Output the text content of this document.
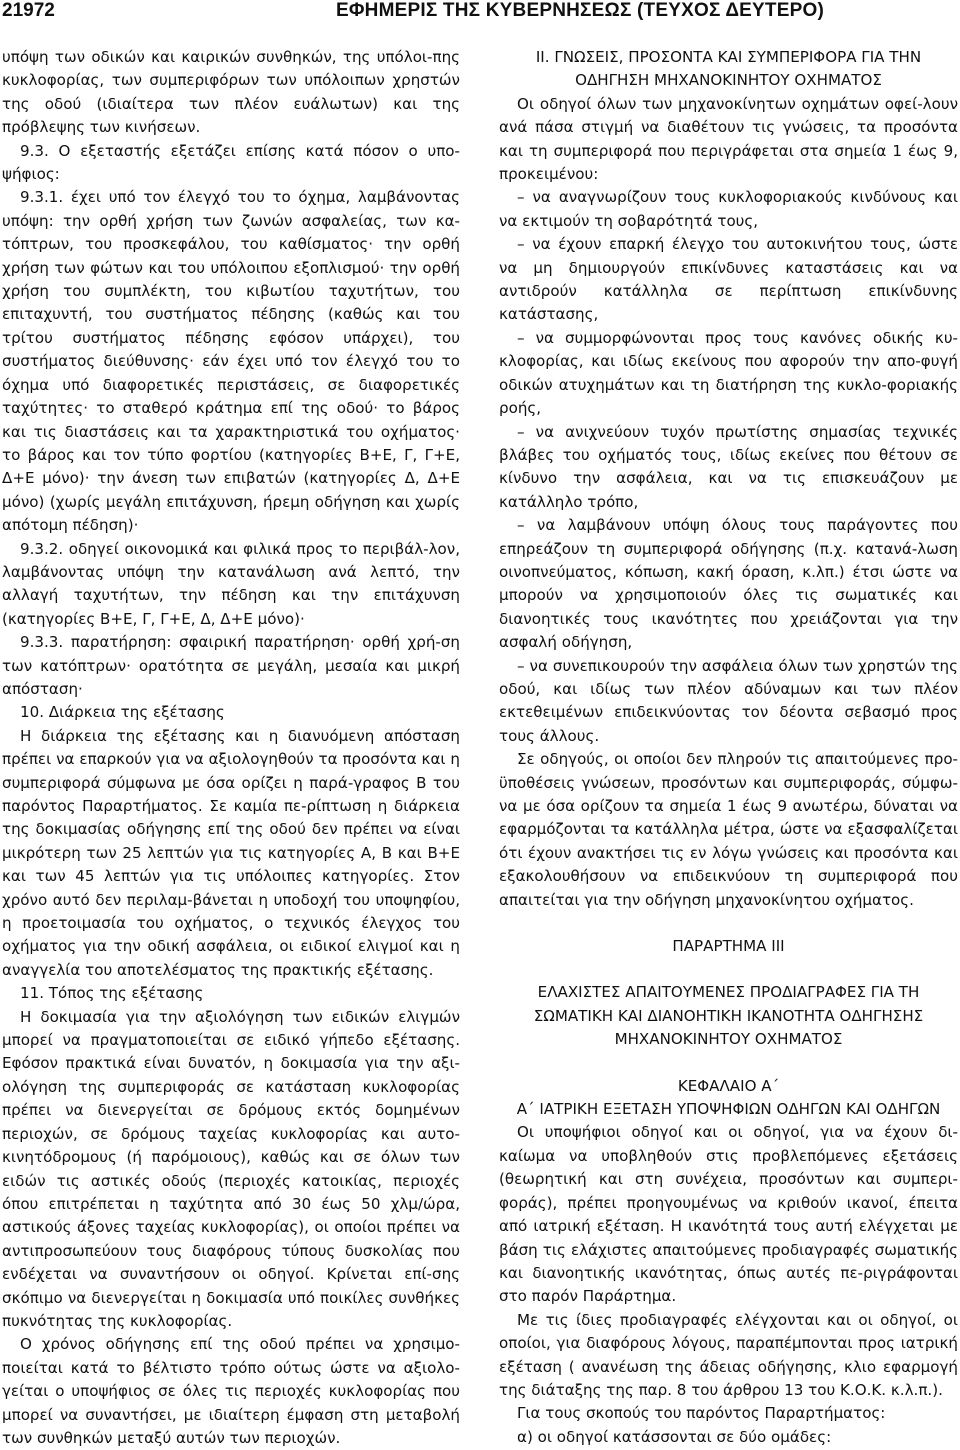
21972	ΕΦΗΜΕΡΙΣ ΤΗΣ ΚΥΒΕΡΝΗΣΕΩΣ (ΤΕΥΧΟΣ ΔΕΥΤΕΡΟ)

υπόψη των οδικών και καιρικών συνθηκών, της υπόλοι-πης κυκλοφορίας, των συμπεριφόρων των υπόλοιπων χρηστών της οδού (ιδιαίτερα των πλέον ευάλωτων) και της πρόβλεψης των κινήσεων.

9.3. Ο εξεταστής εξετάζει επίσης κατά πόσον ο υπο-ψήφιος:

9.3.1. έχει υπό τον έλεγχό του το όχημα, λαμβάνοντας υπόψη: την ορθή χρήση των ζωνών ασφαλείας, των κα-τόπτρων, του προσκεφάλου, του καθίσματος· την ορθή χρήση των φώτων και του υπόλοιπου εξοπλισμού· την ορθή χρήση του συμπλέκτη, του κιβωτίου ταχυτήτων, του επιταχυντή, του συστήματος πέδησης (καθώς και του τρίτου συστήματος πέδησης εφόσον υπάρχει), του συστήματος διεύθυνσης· εάν έχει υπό τον έλεγχό του το όχημα υπό διαφορετικές περιστάσεις, σε διαφορετικές ταχύτητες· το σταθερό κράτημα επί της οδού· το βάρος και τις διαστάσεις και τα χαρακτηριστικά του οχήματος· το βάρος και τον τύπο φορτίου (κατηγορίες Β+Ε, Γ, Γ+Ε, Δ+Ε μόνο)· την άνεση των επιβατών (κατηγορίες Δ, Δ+Ε μόνο) (χωρίς μεγάλη επιτάχυνση, ήρεμη οδήγηση και χωρίς απότομη πέδηση)·

9.3.2. οδηγεί οικονομικά και φιλικά προς το περιβάλ-λον, λαμβάνοντας υπόψη την κατανάλωση ανά λεπτό, την αλλαγή ταχυτήτων, την πέδηση και την επιτάχυνση (κατηγορίες Β+Ε, Γ, Γ+Ε, Δ, Δ+Ε μόνο)·

9.3.3. παρατήρηση: σφαιρική παρατήρηση· ορθή χρή-ση των κατόπτρων· ορατότητα σε μεγάλη, μεσαία και μικρή απόσταση·

10. Διάρκεια της εξέτασης

Η διάρκεια της εξέτασης και η διανυόμενη απόσταση πρέπει να επαρκούν για να αξιολογηθούν τα προσόντα και η συμπεριφορά σύμφωνα με όσα ορίζει η παρά-γραφος Β του παρόντος Παραρτήματος. Σε καμία πε-ρίπτωση η διάρκεια της δοκιμασίας οδήγησης επί της οδού δεν πρέπει να είναι μικρότερη των 25 λεπτών για τις κατηγορίες Α, Β και Β+Ε και των 45 λεπτών για τις υπόλοιπες κατηγορίες. Στον χρόνο αυτό δεν περιλαμ-βάνεται η υποδοχή του υποψηφίου, η προετοιμασία του οχήματος, ο τεχνικός έλεγχος του οχήματος για την οδική ασφάλεια, οι ειδικοί ελιγμοί και η αναγγελία του αποτελέσματος της πρακτικής εξέτασης.

11. Τόπος της εξέτασης

Η δοκιμασία για την αξιολόγηση των ειδικών ελιγμών μπορεί να πραγματοποιείται σε ειδικό γήπεδο εξέτασης. Εφόσον πρακτικά είναι δυνατόν, η δοκιμασία για την αξι-ολόγηση της συμπεριφοράς σε κατάσταση κυκλοφορίας πρέπει να διενεργείται σε δρόμους εκτός δομημένων περιοχών, σε δρόμους ταχείας κυκλοφορίας και αυτο-κινητόδρομους (ή παρόμοιους), καθώς και σε όλων των ειδών τις αστικές οδούς (περιοχές κατοικίας, περιοχές όπου επιτρέπεται η ταχύτητα από 30 έως 50 χλμ/ώρα, αστικούς άξονες ταχείας κυκλοφορίας), οι οποίοι πρέπει να αντιπροσωπεύουν τους διαφόρους τύπους δυσκολίας που ενδέχεται να συναντήσουν οι οδηγοί. Κρίνεται επί-σης σκόπιμο να διενεργείται η δοκιμασία υπό ποικίλες συνθήκες πυκνότητας της κυκλοφορίας.

Ο χρόνος οδήγησης επί της οδού πρέπει να χρησιμο-ποιείται κατά το βέλτιστο τρόπο ούτως ώστε να αξιολο-γείται ο υποψήφιος σε όλες τις περιοχές κυκλοφορίας που μπορεί να συναντήσει, με ιδιαίτερη έμφαση στη μεταβολή των συνθηκών μεταξύ αυτών των περιοχών.

ΙΙ. ΓΝΩΣΕΙΣ, ΠΡΟΣΟΝΤΑ ΚΑΙ ΣΥΜΠΕΡΙΦΟΡΑ ΓΙΑ ΤΗΝ ΟΔΗΓΗΣΗ ΜΗΧΑΝΟΚΙΝΗΤΟΥ ΟΧΗΜΑΤΟΣ

Οι οδηγοί όλων των μηχανοκίνητων οχημάτων οφεί-λουν ανά πάσα στιγμή να διαθέτουν τις γνώσεις, τα προσόντα και τη συμπεριφορά που περιγράφεται στα σημεία 1 έως 9, προκειμένου:

– να αναγνωρίζουν τους κυκλοφοριακούς κινδύνους και να εκτιμούν τη σοβαρότητά τους,

– να έχουν επαρκή έλεγχο του αυτοκινήτου τους, ώστε να μη δημιουργούν επικίνδυνες καταστάσεις και να αντιδρούν κατάλληλα σε περίπτωση επικίνδυνης κατάστασης,

– να συμμορφώνονται προς τους κανόνες οδικής κυ-κλοφορίας, και ιδίως εκείνους που αφορούν την απο-φυγή οδικών ατυχημάτων και τη διατήρηση της κυκλο-φοριακής ροής,

– να ανιχνεύουν τυχόν πρωτίστης σημασίας τεχνικές βλάβες του οχήματός τους, ιδίως εκείνες που θέτουν σε κίνδυνο την ασφάλεια, και να τις επισκευάζουν με κατάλληλο τρόπο,

– να λαμβάνουν υπόψη όλους τους παράγοντες που επηρεάζουν τη συμπεριφορά οδήγησης (π.χ. κατανά-λωση οινοπνεύματος, κόπωση, κακή όραση, κ.λπ.) έτσι ώστε να μπορούν να χρησιμοποιούν όλες τις σωματικές και διανοητικές τους ικανότητες που χρειάζονται για την ασφαλή οδήγηση,

– να συνεπικουρούν την ασφάλεια όλων των χρηστών της οδού, και ιδίως των πλέον αδύναμων και των πλέον εκτεθειμένων επιδεικνύοντας τον δέοντα σεβασμό προς τους άλλους.

Σε οδηγούς, οι οποίοι δεν πληρούν τις απαιτούμενες προ-ϋποθέσεις γνώσεων, προσόντων και συμπεριφοράς, σύμφω-να με όσα ορίζουν τα σημεία 1 έως 9 ανωτέρω, δύναται να εφαρμόζονται τα κατάλληλα μέτρα, ώστε να εξασφαλίζεται ότι έχουν ανακτήσει τις εν λόγω γνώσεις και προσόντα και εξακολουθήσουν να επιδεικνύουν τη συμπεριφορά που απαιτείται για την οδήγηση μηχανοκίνητου οχήματος.

ΠΑΡΑΡΤΗΜΑ ΙΙΙ

ΕΛΑΧΙΣΤΕΣ ΑΠΑΙΤΟΥΜΕΝΕΣ ΠΡΟΔΙΑΓΡΑΦΕΣ ΓΙΑ ΤΗ ΣΩΜΑΤΙΚΗ ΚΑΙ ΔΙΑΝΟΗΤΙΚΗ ΙΚΑΝΟΤΗΤΑ ΟΔΗΓΗΣΗΣ ΜΗΧΑΝΟΚΙΝΗΤΟΥ ΟΧΗΜΑΤΟΣ

ΚΕΦΑΛΑΙΟ Α΄

Α΄ ΙΑΤΡΙΚΗ ΕΞΕΤΑΣΗ ΥΠΟΨΗΦΙΩΝ ΟΔΗΓΩΝ ΚΑΙ ΟΔΗΓΩΝ

Οι υποψήφιοι οδηγοί και οι οδηγοί, για να έχουν δι-καίωμα να υποβληθούν στις προβλεπόμενες εξετάσεις (θεωρητική και στη συνέχεια, προσόντων και συμπερι-φοράς), πρέπει προηγουμένως να κριθούν ικανοί, έπειτα από ιατρική εξέταση. Η ικανότητά τους αυτή ελέγχεται με βάση τις ελάχιστες απαιτούμενες προδιαγραφές σωματικής και διανοητικής ικανότητας, όπως αυτές πε-ριγράφονται στο παρόν Παράρτημα.

Με τις ίδιες προδιαγραφές ελέγχονται και οι οδηγοί, οι οποίοι, για διαφόρους λόγους, παραπέμπονται προς ιατρική εξέταση ( ανανέωση της άδειας οδήγησης, κλιο εφαρμογή της διάταξης της παρ. 8 του άρθρου 13 του Κ.Ο.Κ. κ.λ.π.).

Για τους σκοπούς του παρόντος Παραρτήματος:

α) οι οδηγοί κατάσσονται σε δύο ομάδες:
